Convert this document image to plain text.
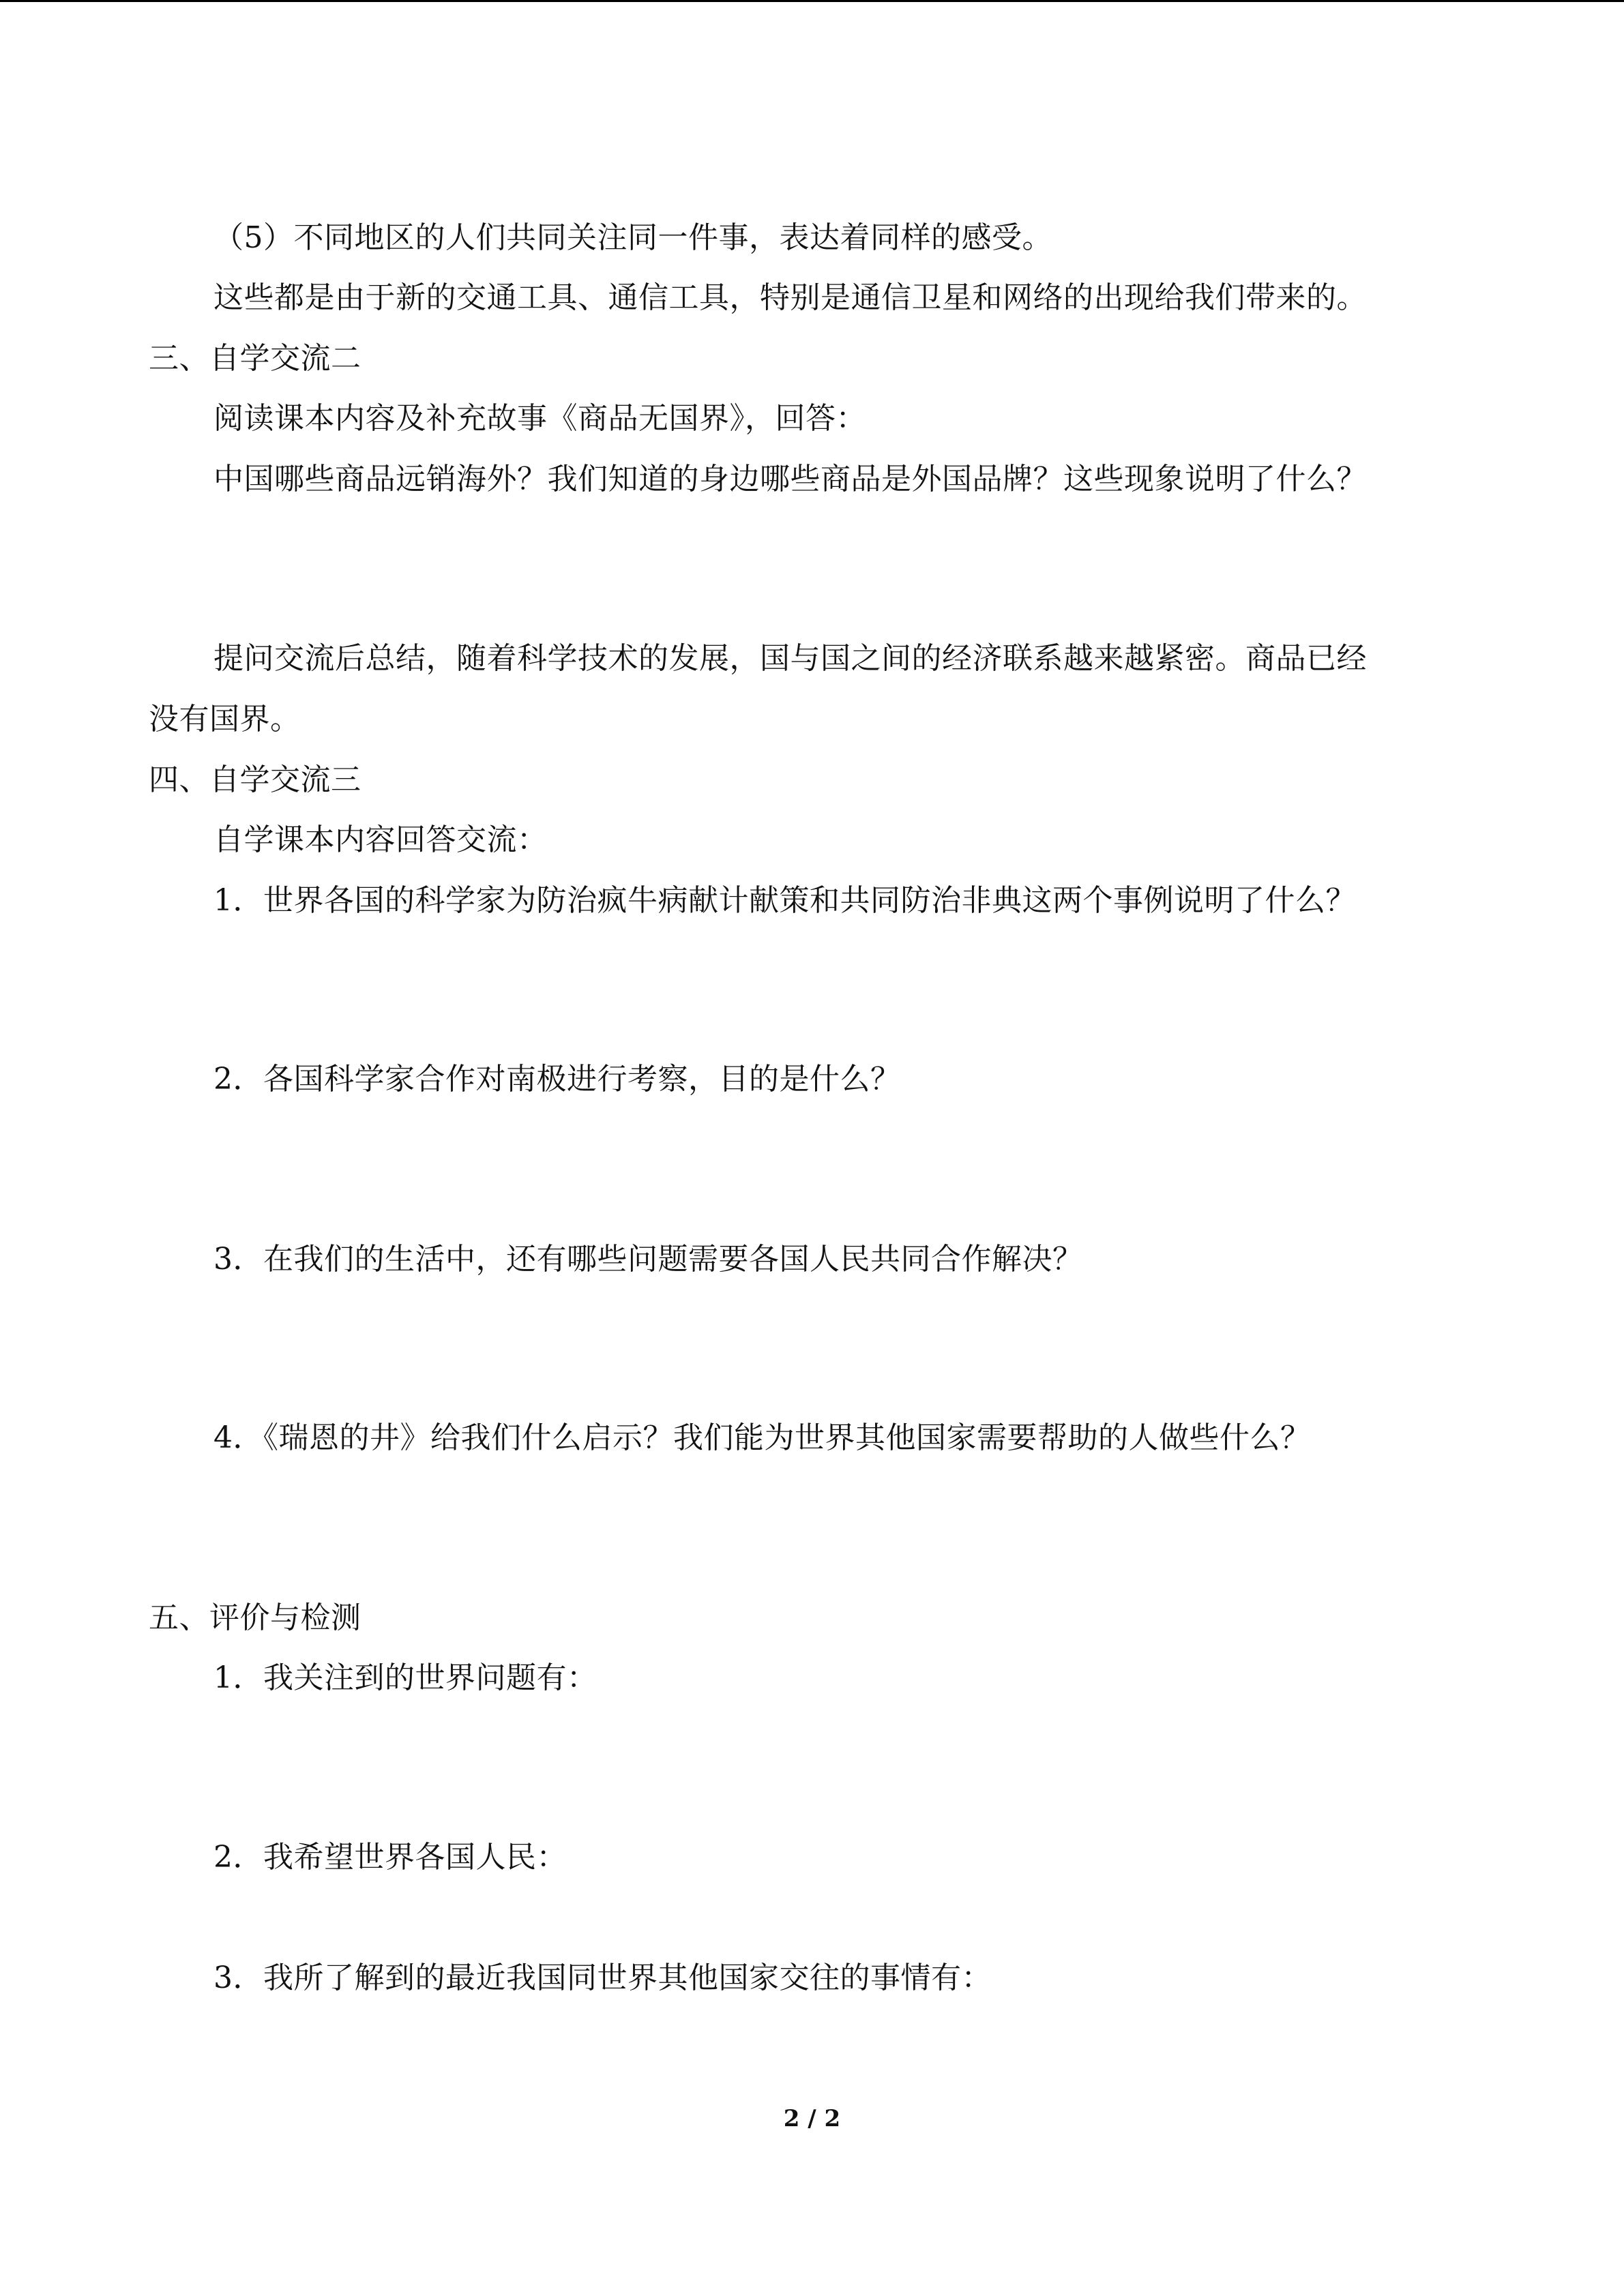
（5）不同地区的人们共同关注同一件事，表达着同样的感受。
这些都是由于新的交通工具、通信工具，特别是通信卫星和网络的出现给我们带来的。
三、自学交流二
阅读课本内容及补充故事《商品无国界》，回答：
中国哪些商品远销海外？我们知道的身边哪些商品是外国品牌？这些现象说明了什么？
提问交流后总结，随着科学技术的发展，国与国之间的经济联系越来越紧密。商品已经
没有国界。
四、自学交流三
自学课本内容回答交流：
1．世界各国的科学家为防治疯牛病献计献策和共同防治非典这两个事例说明了什么？
2．各国科学家合作对南极进行考察，目的是什么？
3．在我们的生活中，还有哪些问题需要各国人民共同合作解决？
4．《瑞恩的井》给我们什么启示？我们能为世界其他国家需要帮助的人做些什么？
五、评价与检测
1．我关注到的世界问题有：
2．我希望世界各国人民：
3．我所了解到的最近我国同世界其他国家交往的事情有：
2 / 2
